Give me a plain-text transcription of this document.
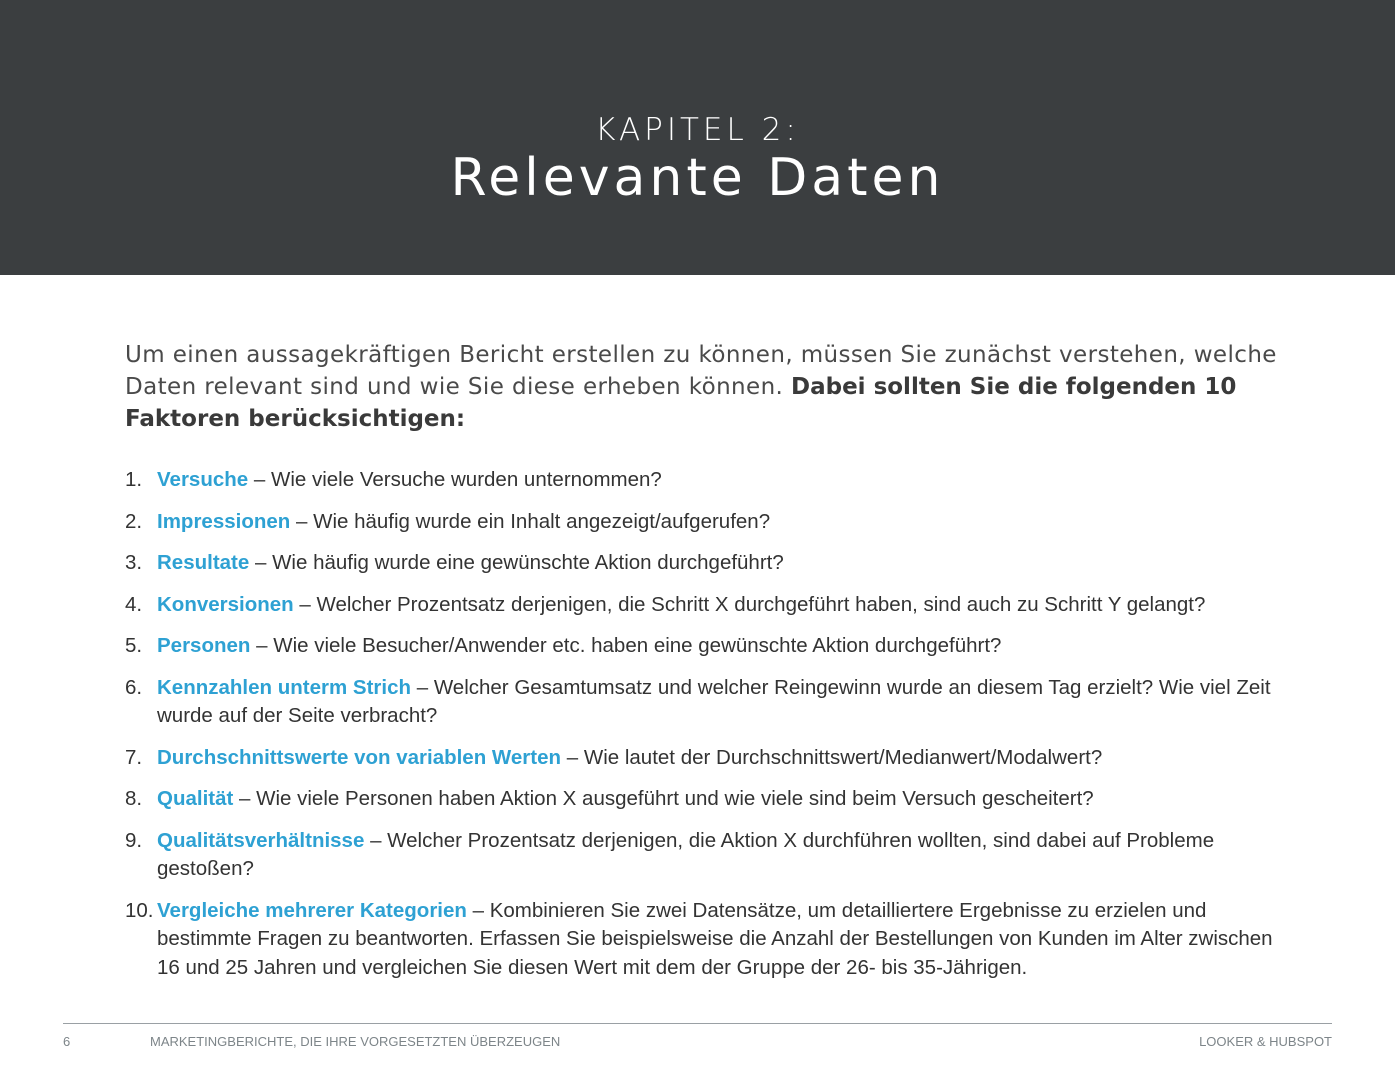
KAPITEL 2:
Relevante Daten
Um einen aussagekräftigen Bericht erstellen zu können, müssen Sie zunächst verstehen, welche Daten relevant sind und wie Sie diese erheben können. Dabei sollten Sie die folgenden 10 Faktoren berücksichtigen:
1. Versuche – Wie viele Versuche wurden unternommen?
2. Impressionen – Wie häufig wurde ein Inhalt angezeigt/aufgerufen?
3. Resultate – Wie häufig wurde eine gewünschte Aktion durchgeführt?
4. Konversionen – Welcher Prozentsatz derjenigen, die Schritt X durchgeführt haben, sind auch zu Schritt Y gelangt?
5. Personen – Wie viele Besucher/Anwender etc. haben eine gewünschte Aktion durchgeführt?
6. Kennzahlen unterm Strich – Welcher Gesamtumsatz und welcher Reingewinn wurde an diesem Tag erzielt? Wie viel Zeit wurde auf der Seite verbracht?
7. Durchschnittswerte von variablen Werten – Wie lautet der Durchschnittswert/Medianwert/Modalwert?
8. Qualität – Wie viele Personen haben Aktion X ausgeführt und wie viele sind beim Versuch gescheitert?
9. Qualitätsverhältnisse – Welcher Prozentsatz derjenigen, die Aktion X durchführen wollten, sind dabei auf Probleme gestoßen?
10. Vergleiche mehrerer Kategorien – Kombinieren Sie zwei Datensätze, um detailliertere Ergebnisse zu erzielen und bestimmte Fragen zu beantworten. Erfassen Sie beispielsweise die Anzahl der Bestellungen von Kunden im Alter zwischen 16 und 25 Jahren und vergleichen Sie diesen Wert mit dem der Gruppe der 26- bis 35-Jährigen.
6	MARKETINGBERICHTE, DIE IHRE VORGESETZTEN ÜBERZEUGEN	LOOKER & HUBSPOT
